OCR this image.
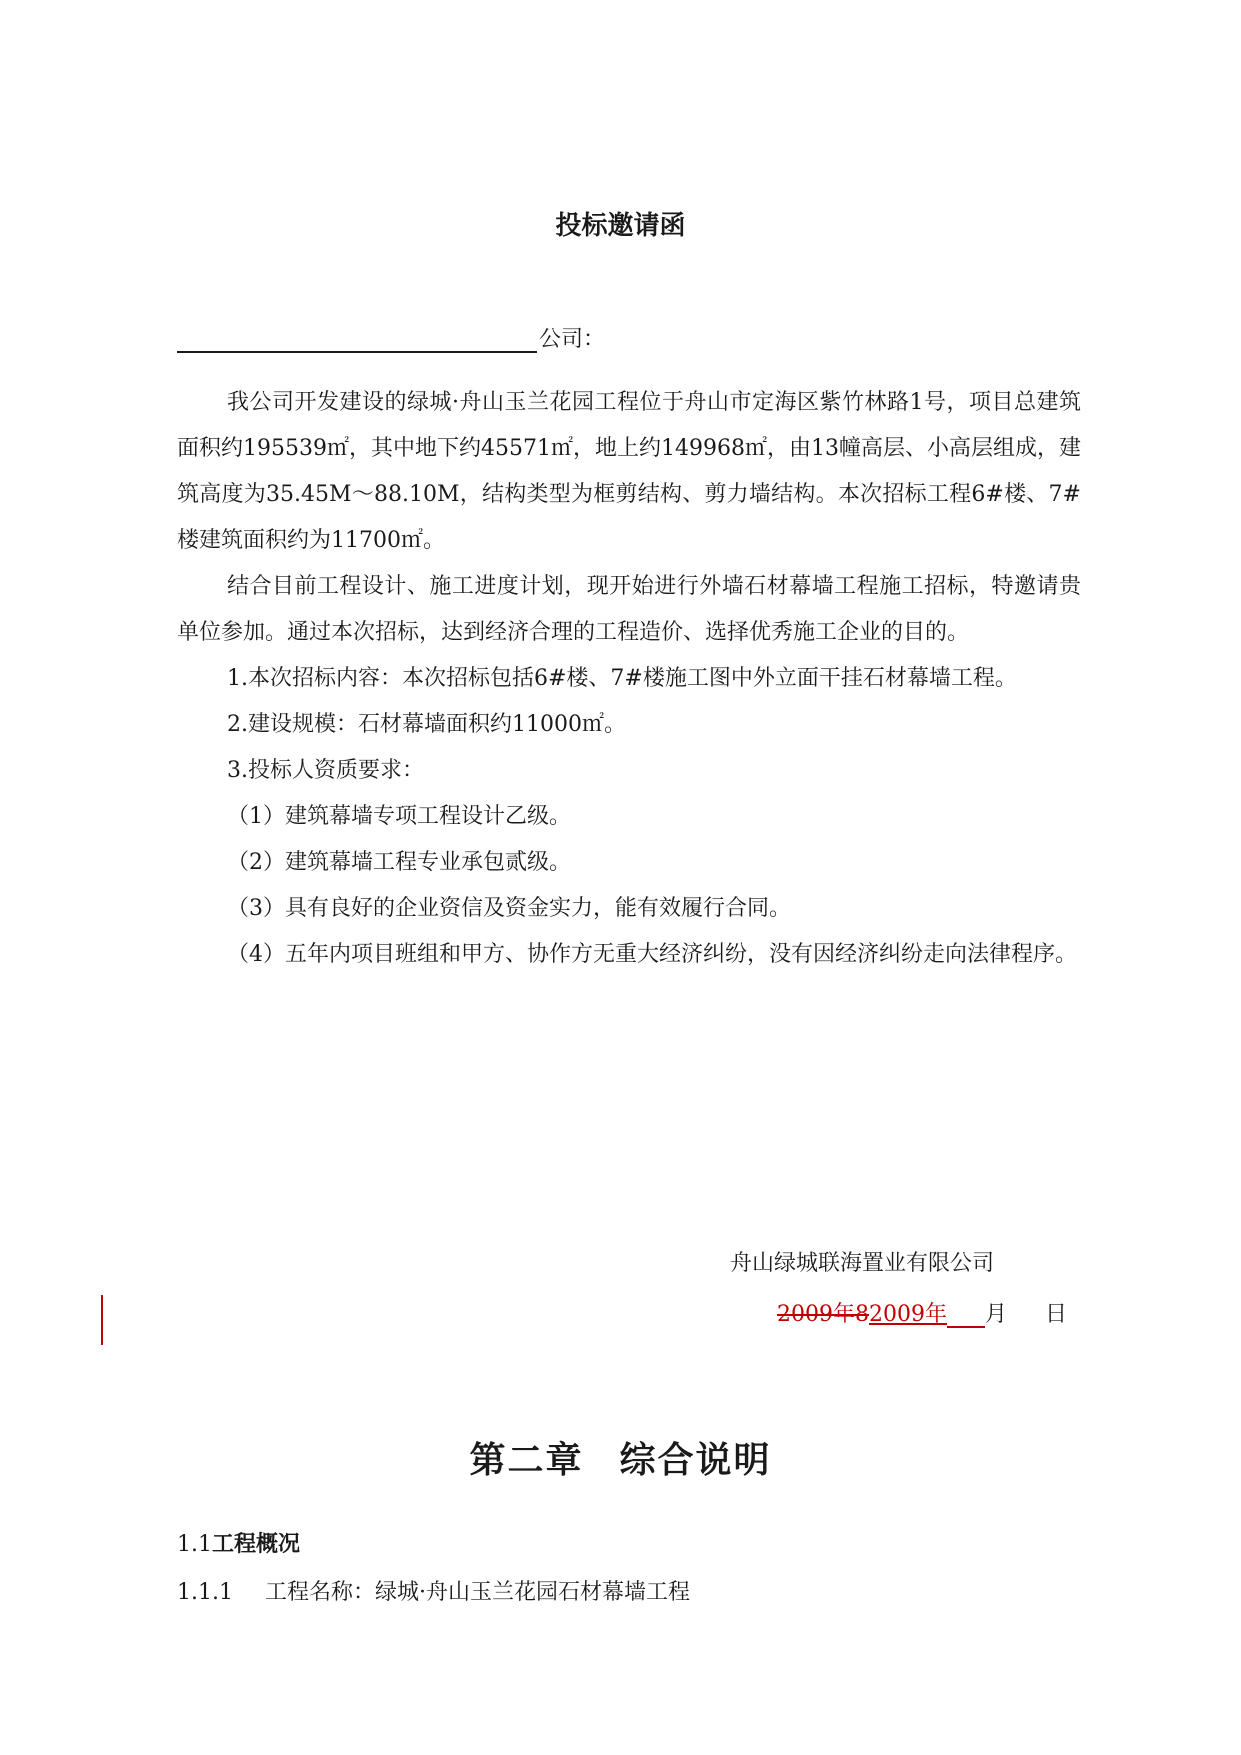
投标邀请函
公司：

我公司开发建设的绿城·舟山玉兰花园工程位于舟山市定海区紫竹林路1号，项目总建筑面积约195539㎡，其中地下约45571㎡，地上约149968㎡，由13幢高层、小高层组成，建筑高度为35.45M～88.10M，结构类型为框剪结构、剪力墙结构。本次招标工程6#楼、7#楼建筑面积约为11700㎡。

结合目前工程设计、施工进度计划，现开始进行外墙石材幕墙工程施工招标，特邀请贵单位参加。通过本次招标，达到经济合理的工程造价、选择优秀施工企业的目的。

1.本次招标内容：本次招标包括6#楼、7#楼施工图中外立面干挂石材幕墙工程。

2.建设规模：石材幕墙面积约11000㎡。

3.投标人资质要求：

（1）建筑幕墙专项工程设计乙级。

（2）建筑幕墙工程专业承包贰级。

（3）具有良好的企业资信及资金实力，能有效履行合同。

（4）五年内项目班组和甲方、协作方无重大经济纠纷，没有因经济纠纷走向法律程序。

舟山绿城联海置业有限公司
2009年82009年 月 日
第二章 综合说明
1.1工程概况
1.1.1 工程名称：绿城·舟山玉兰花园石材幕墙工程
